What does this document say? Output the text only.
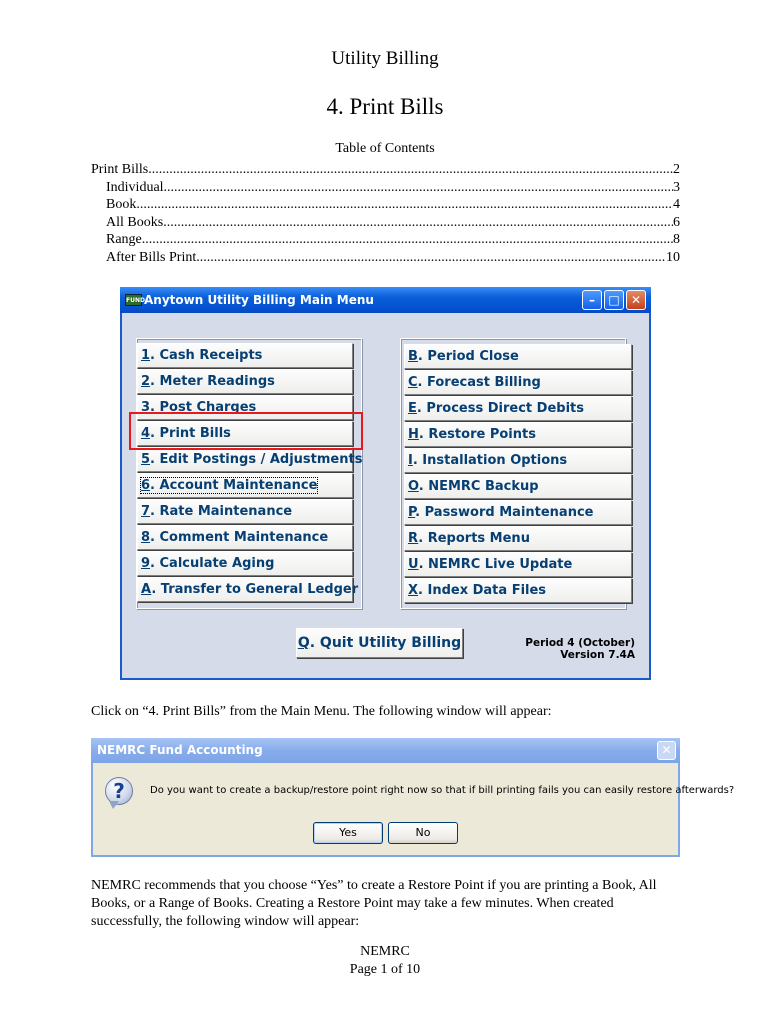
Utility Billing
4. Print Bills
Table of Contents
Print Bills .....	2
Individual .....	3
Book .....	4
All Books .....	6
Range .....	8
After Bills Print .....	10
FUND Anytown Utility Billing Main Menu	–	□ ✕
1. Cash Receipts
2. Meter Readings
3. Post Charges
4. Print Bills
5. Edit Postings / Adjustments
6. Account Maintenance
7. Rate Maintenance
8. Comment Maintenance
9. Calculate Aging
A. Transfer to General Ledger
B. Period Close
C. Forecast Billing
E. Process Direct Debits
H. Restore Points
I. Installation Options
O. NEMRC Backup
P. Password Maintenance
R. Reports Menu
U. NEMRC Live Update
X. Index Data Files
Q. Quit Utility Billing	Period 4 (October)
Version 7.4A
Click on “4. Print Bills” from the Main Menu. The following window will appear:
NEMRC Fund Accounting	✕
?	Do you want to create a backup/restore point right now so that if bill printing fails you can easily restore afterwards?
Yes	No
NEMRC recommends that you choose “Yes” to create a Restore Point if you are printing a Book, All Books, or a Range of Books. Creating a Restore Point may take a few minutes. When created successfully, the following window will appear:
NEMRC
Page 1 of 10
